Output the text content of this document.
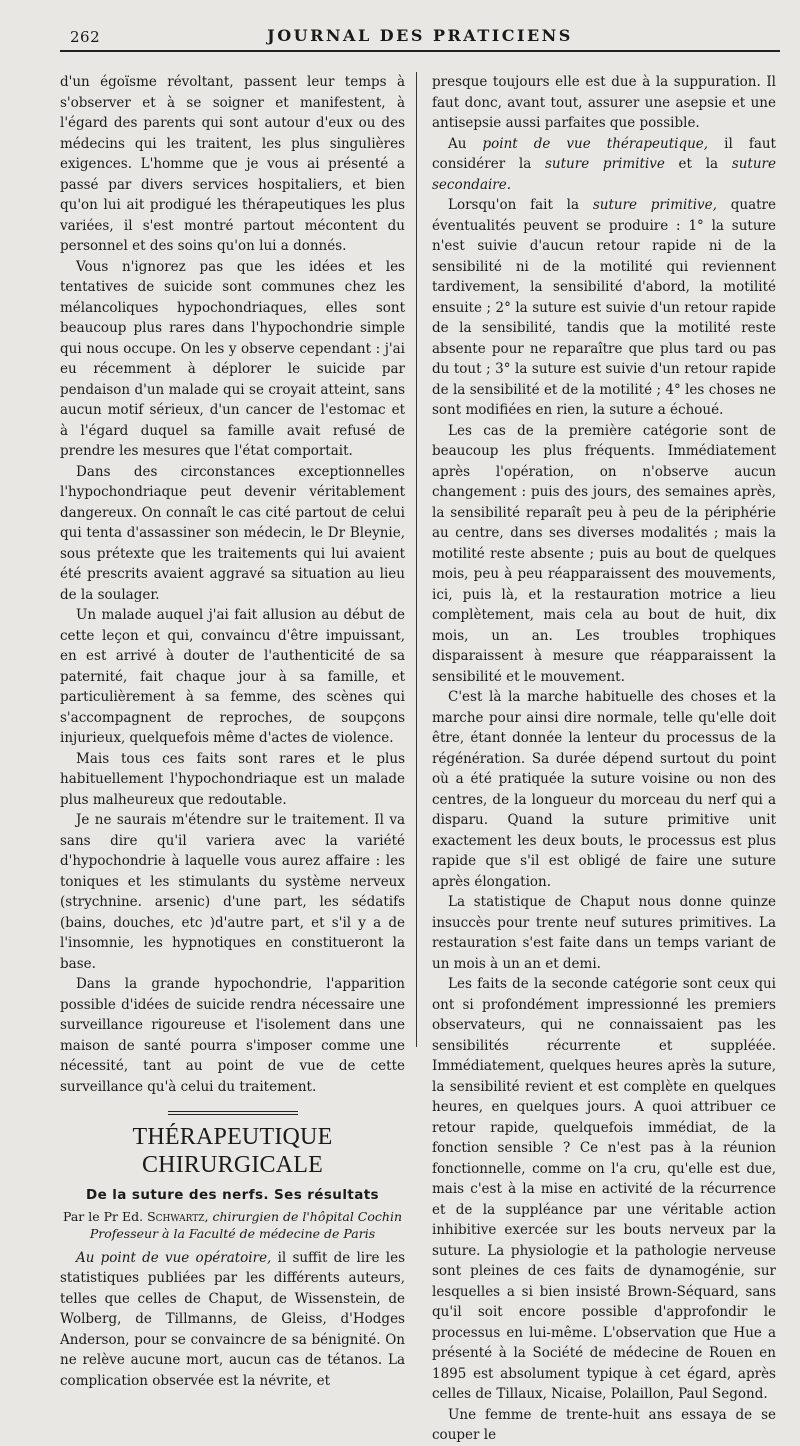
262	JOURNAL DES PRATICIENS

d'un égoïsme révoltant, passent leur temps à s'observer et à se soigner et manifestent, à l'égard des parents qui sont autour d'eux ou des médecins qui les traitent, les plus singulières exigences. L'homme que je vous ai présenté a passé par divers services hospitaliers, et bien qu'on lui ait prodigué les thérapeutiques les plus variées, il s'est montré partout mécontent du personnel et des soins qu'on lui a donnés.

Vous n'ignorez pas que les idées et les tentatives de suicide sont communes chez les mélancoliques hypochondriaques, elles sont beaucoup plus rares dans l'hypochondrie simple qui nous occupe. On les y observe cependant : j'ai eu récemment à déplorer le suicide par pendaison d'un malade qui se croyait atteint, sans aucun motif sérieux, d'un cancer de l'estomac et à l'égard duquel sa famille avait refusé de prendre les mesures que l'état comportait.

Dans des circonstances exceptionnelles l'hypochondriaque peut devenir véritablement dangereux. On connaît le cas cité partout de celui qui tenta d'assassiner son médecin, le Dr Bleynie, sous prétexte que les traitements qui lui avaient été prescrits avaient aggravé sa situation au lieu de la soulager.

Un malade auquel j'ai fait allusion au début de cette leçon et qui, convaincu d'être impuissant, en est arrivé à douter de l'authenticité de sa paternité, fait chaque jour à sa famille, et particulièrement à sa femme, des scènes qui s'accompagnent de reproches, de soupçons injurieux, quelquefois même d'actes de violence.

Mais tous ces faits sont rares et le plus habituellement l'hypochondriaque est un malade plus malheureux que redoutable.

Je ne saurais m'étendre sur le traitement. Il va sans dire qu'il variera avec la variété d'hypochondrie à laquelle vous aurez affaire : les toniques et les stimulants du système nerveux (strychnine. arsenic) d'une part, les sédatifs (bains, douches, etc )d'autre part, et s'il y a de l'insomnie, les hypnotiques en constitueront la base.

Dans la grande hypochondrie, l'apparition possible d'idées de suicide rendra nécessaire une surveillance rigoureuse et l'isolement dans une maison de santé pourra s'imposer comme une nécessité, tant au point de vue de cette surveillance qu'à celui du traitement.

THÉRAPEUTIQUE CHIRURGICALE
De la suture des nerfs. Ses résultats
Par le Pr Ed. Schwartz, chirurgien de l'hôpital Cochin
Professeur à la Faculté de médecine de Paris

Au point de vue opératoire, il suffit de lire les statistiques publiées par les différents auteurs, telles que celles de Chaput, de Wissenstein, de Wolberg, de Tillmanns, de Gleiss, d'Hodges Anderson, pour se convaincre de sa bénignité. On ne relève aucune mort, aucun cas de tétanos. La complication observée est la névrite, et

presque toujours elle est due à la suppuration. Il faut donc, avant tout, assurer une asepsie et une antisepsie aussi parfaites que possible.

Au point de vue thérapeutique, il faut considérer la suture primitive et la suture secondaire.

Lorsqu'on fait la suture primitive, quatre éventualités peuvent se produire : 1° la suture n'est suivie d'aucun retour rapide ni de la sensibilité ni de la motilité qui reviennent tardivement, la sensibilité d'abord, la motilité ensuite ; 2° la suture est suivie d'un retour rapide de la sensibilité, tandis que la motilité reste absente pour ne reparaître que plus tard ou pas du tout ; 3° la suture est suivie d'un retour rapide de la sensibilité et de la motilité ; 4° les choses ne sont modifiées en rien, la suture a échoué.

Les cas de la première catégorie sont de beaucoup les plus fréquents. Immédiatement après l'opération, on n'observe aucun changement : puis des jours, des semaines après, la sensibilité reparaît peu à peu de la périphérie au centre, dans ses diverses modalités ; mais la motilité reste absente ; puis au bout de quelques mois, peu à peu réapparaissent des mouvements, ici, puis là, et la restauration motrice a lieu complètement, mais cela au bout de huit, dix mois, un an. Les troubles trophiques disparaissent à mesure que réapparaissent la sensibilité et le mouvement.

C'est là la marche habituelle des choses et la marche pour ainsi dire normale, telle qu'elle doit être, étant donnée la lenteur du processus de la régénération. Sa durée dépend surtout du point où a été pratiquée la suture voisine ou non des centres, de la longueur du morceau du nerf qui a disparu. Quand la suture primitive unit exactement les deux bouts, le processus est plus rapide que s'il est obligé de faire une suture après élongation.

La statistique de Chaput nous donne quinze insuccès pour trente neuf sutures primitives. La restauration s'est faite dans un temps variant de un mois à un an et demi.

Les faits de la seconde catégorie sont ceux qui ont si profondément impressionné les premiers observateurs, qui ne connaissaient pas les sensibilités récurrente et suppléée. Immédiatement, quelques heures après la suture, la sensibilité revient et est complète en quelques heures, en quelques jours. A quoi attribuer ce retour rapide, quelquefois immédiat, de la fonction sensible ? Ce n'est pas à la réunion fonctionnelle, comme on l'a cru, qu'elle est due, mais c'est à la mise en activité de la récurrence et de la suppléance par une véritable action inhibitive exercée sur les bouts nerveux par la suture. La physiologie et la pathologie nerveuse sont pleines de ces faits de dynamogénie, sur lesquelles a si bien insisté Brown-Séquard, sans qu'il soit encore possible d'approfondir le processus en lui-même. L'observation que Hue a présenté à la Société de médecine de Rouen en 1895 est absolument typique à cet égard, après celles de Tillaux, Nicaise, Polaillon, Paul Segond.

Une femme de trente-huit ans essaya de se couper le
